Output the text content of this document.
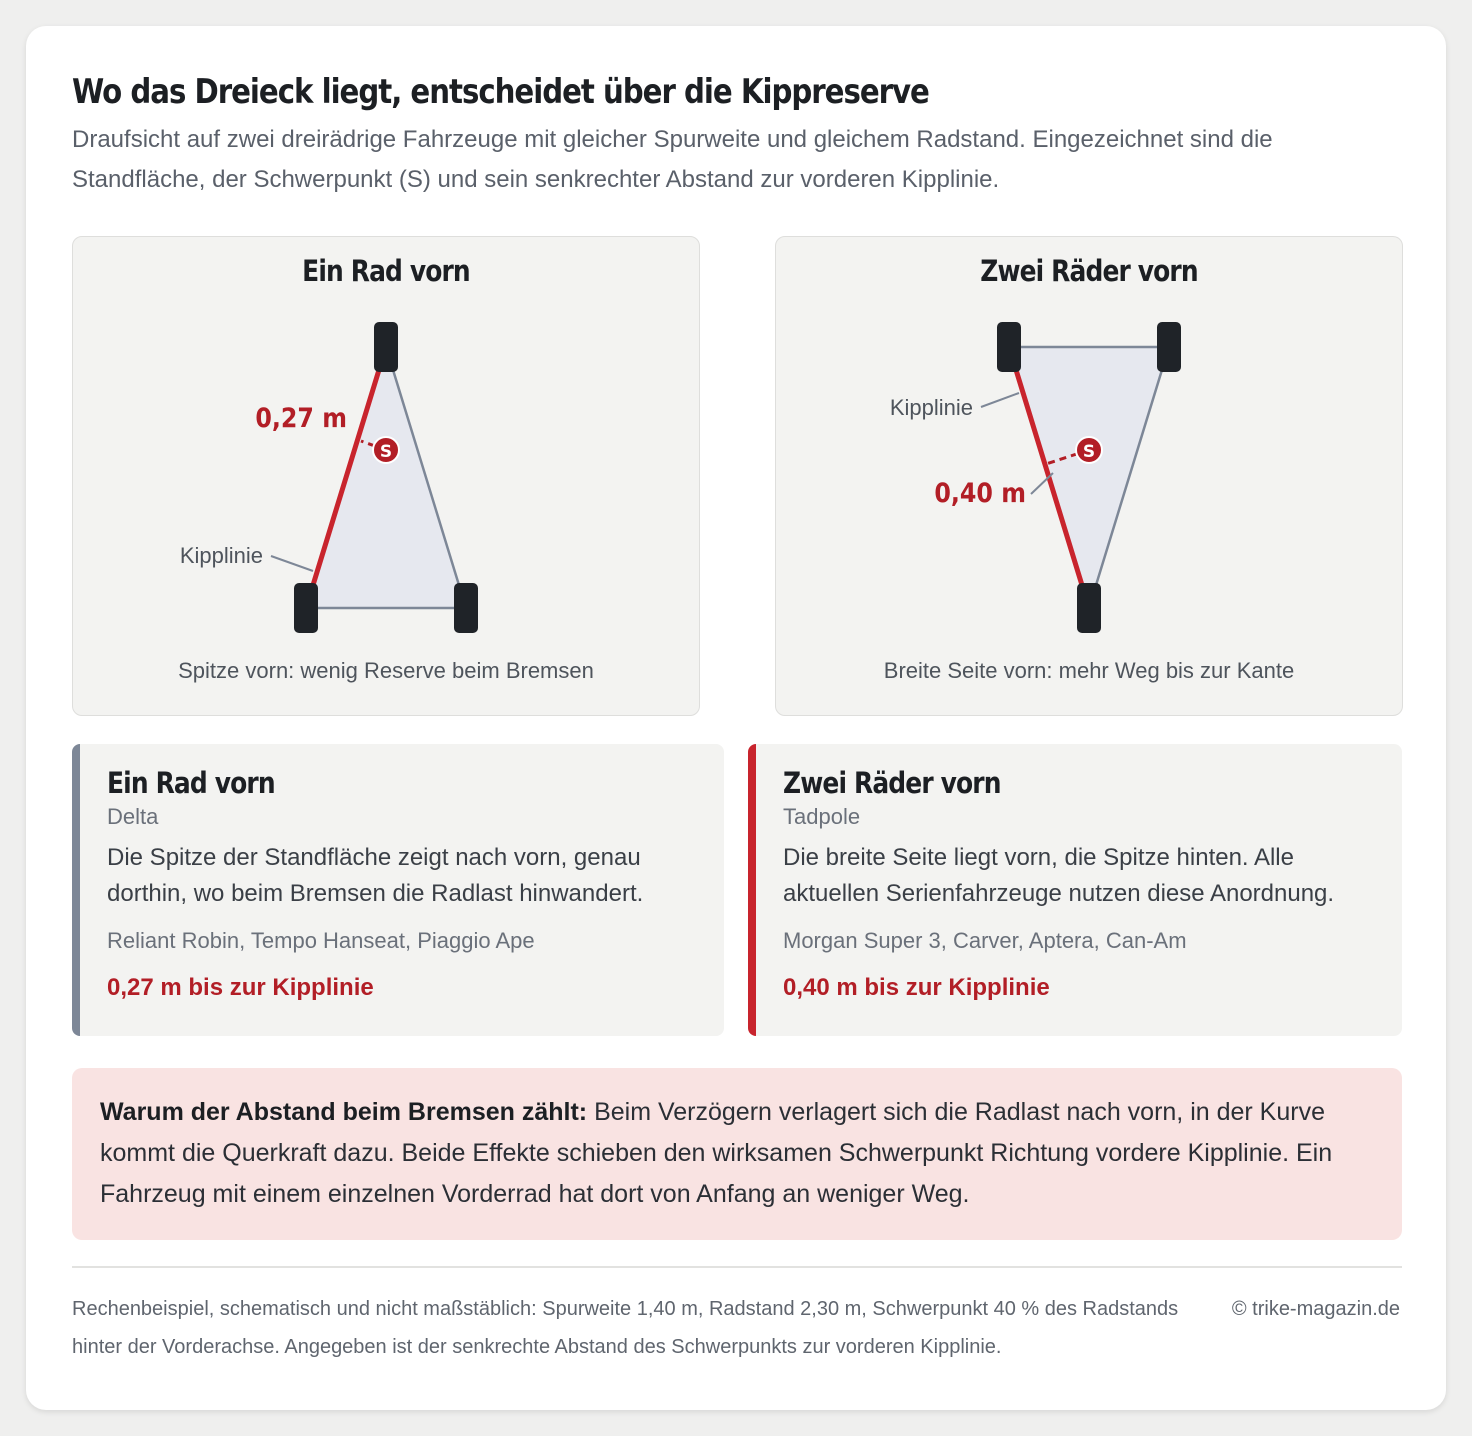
Wo das Dreieck liegt, entscheidet über die Kippreserve

Draufsicht auf zwei dreirädrige Fahrzeuge mit gleicher Spurweite und gleichem Radstand. Eingezeichnet sind die Standfläche, der Schwerpunkt (S) und sein senkrechter Abstand zur vorderen Kipplinie.

Ein Rad vorn
S
0,27 m
Kipplinie
Spitze vorn: wenig Reserve beim Bremsen
Zwei Räder vorn
S
0,40 m
Kipplinie
Breite Seite vorn: mehr Weg bis zur Kante
Ein Rad vorn
Delta
Die Spitze der Standfläche zeigt nach vorn, genau dorthin, wo beim Bremsen die Radlast hinwandert.
Reliant Robin, Tempo Hanseat, Piaggio Ape
0,27 m bis zur Kipplinie
Zwei Räder vorn
Tadpole
Die breite Seite liegt vorn, die Spitze hinten. Alle aktuellen Serienfahrzeuge nutzen diese Anordnung.
Morgan Super 3, Carver, Aptera, Can-Am
0,40 m bis zur Kipplinie
Warum der Abstand beim Bremsen zählt: Beim Verzögern verlagert sich die Radlast nach vorn, in der Kurve kommt die Querkraft dazu. Beide Effekte schieben den wirksamen Schwerpunkt Richtung vordere Kipplinie. Ein Fahrzeug mit einem einzelnen Vorderrad hat dort von Anfang an weniger Weg.
Rechenbeispiel, schematisch und nicht maßstäblich: Spurweite 1,40 m, Radstand 2,30 m, Schwerpunkt 40 % des Radstands hinter der Vorderachse. Angegeben ist der senkrechte Abstand des Schwerpunkts zur vorderen Kipplinie.
© trike-magazin.de
